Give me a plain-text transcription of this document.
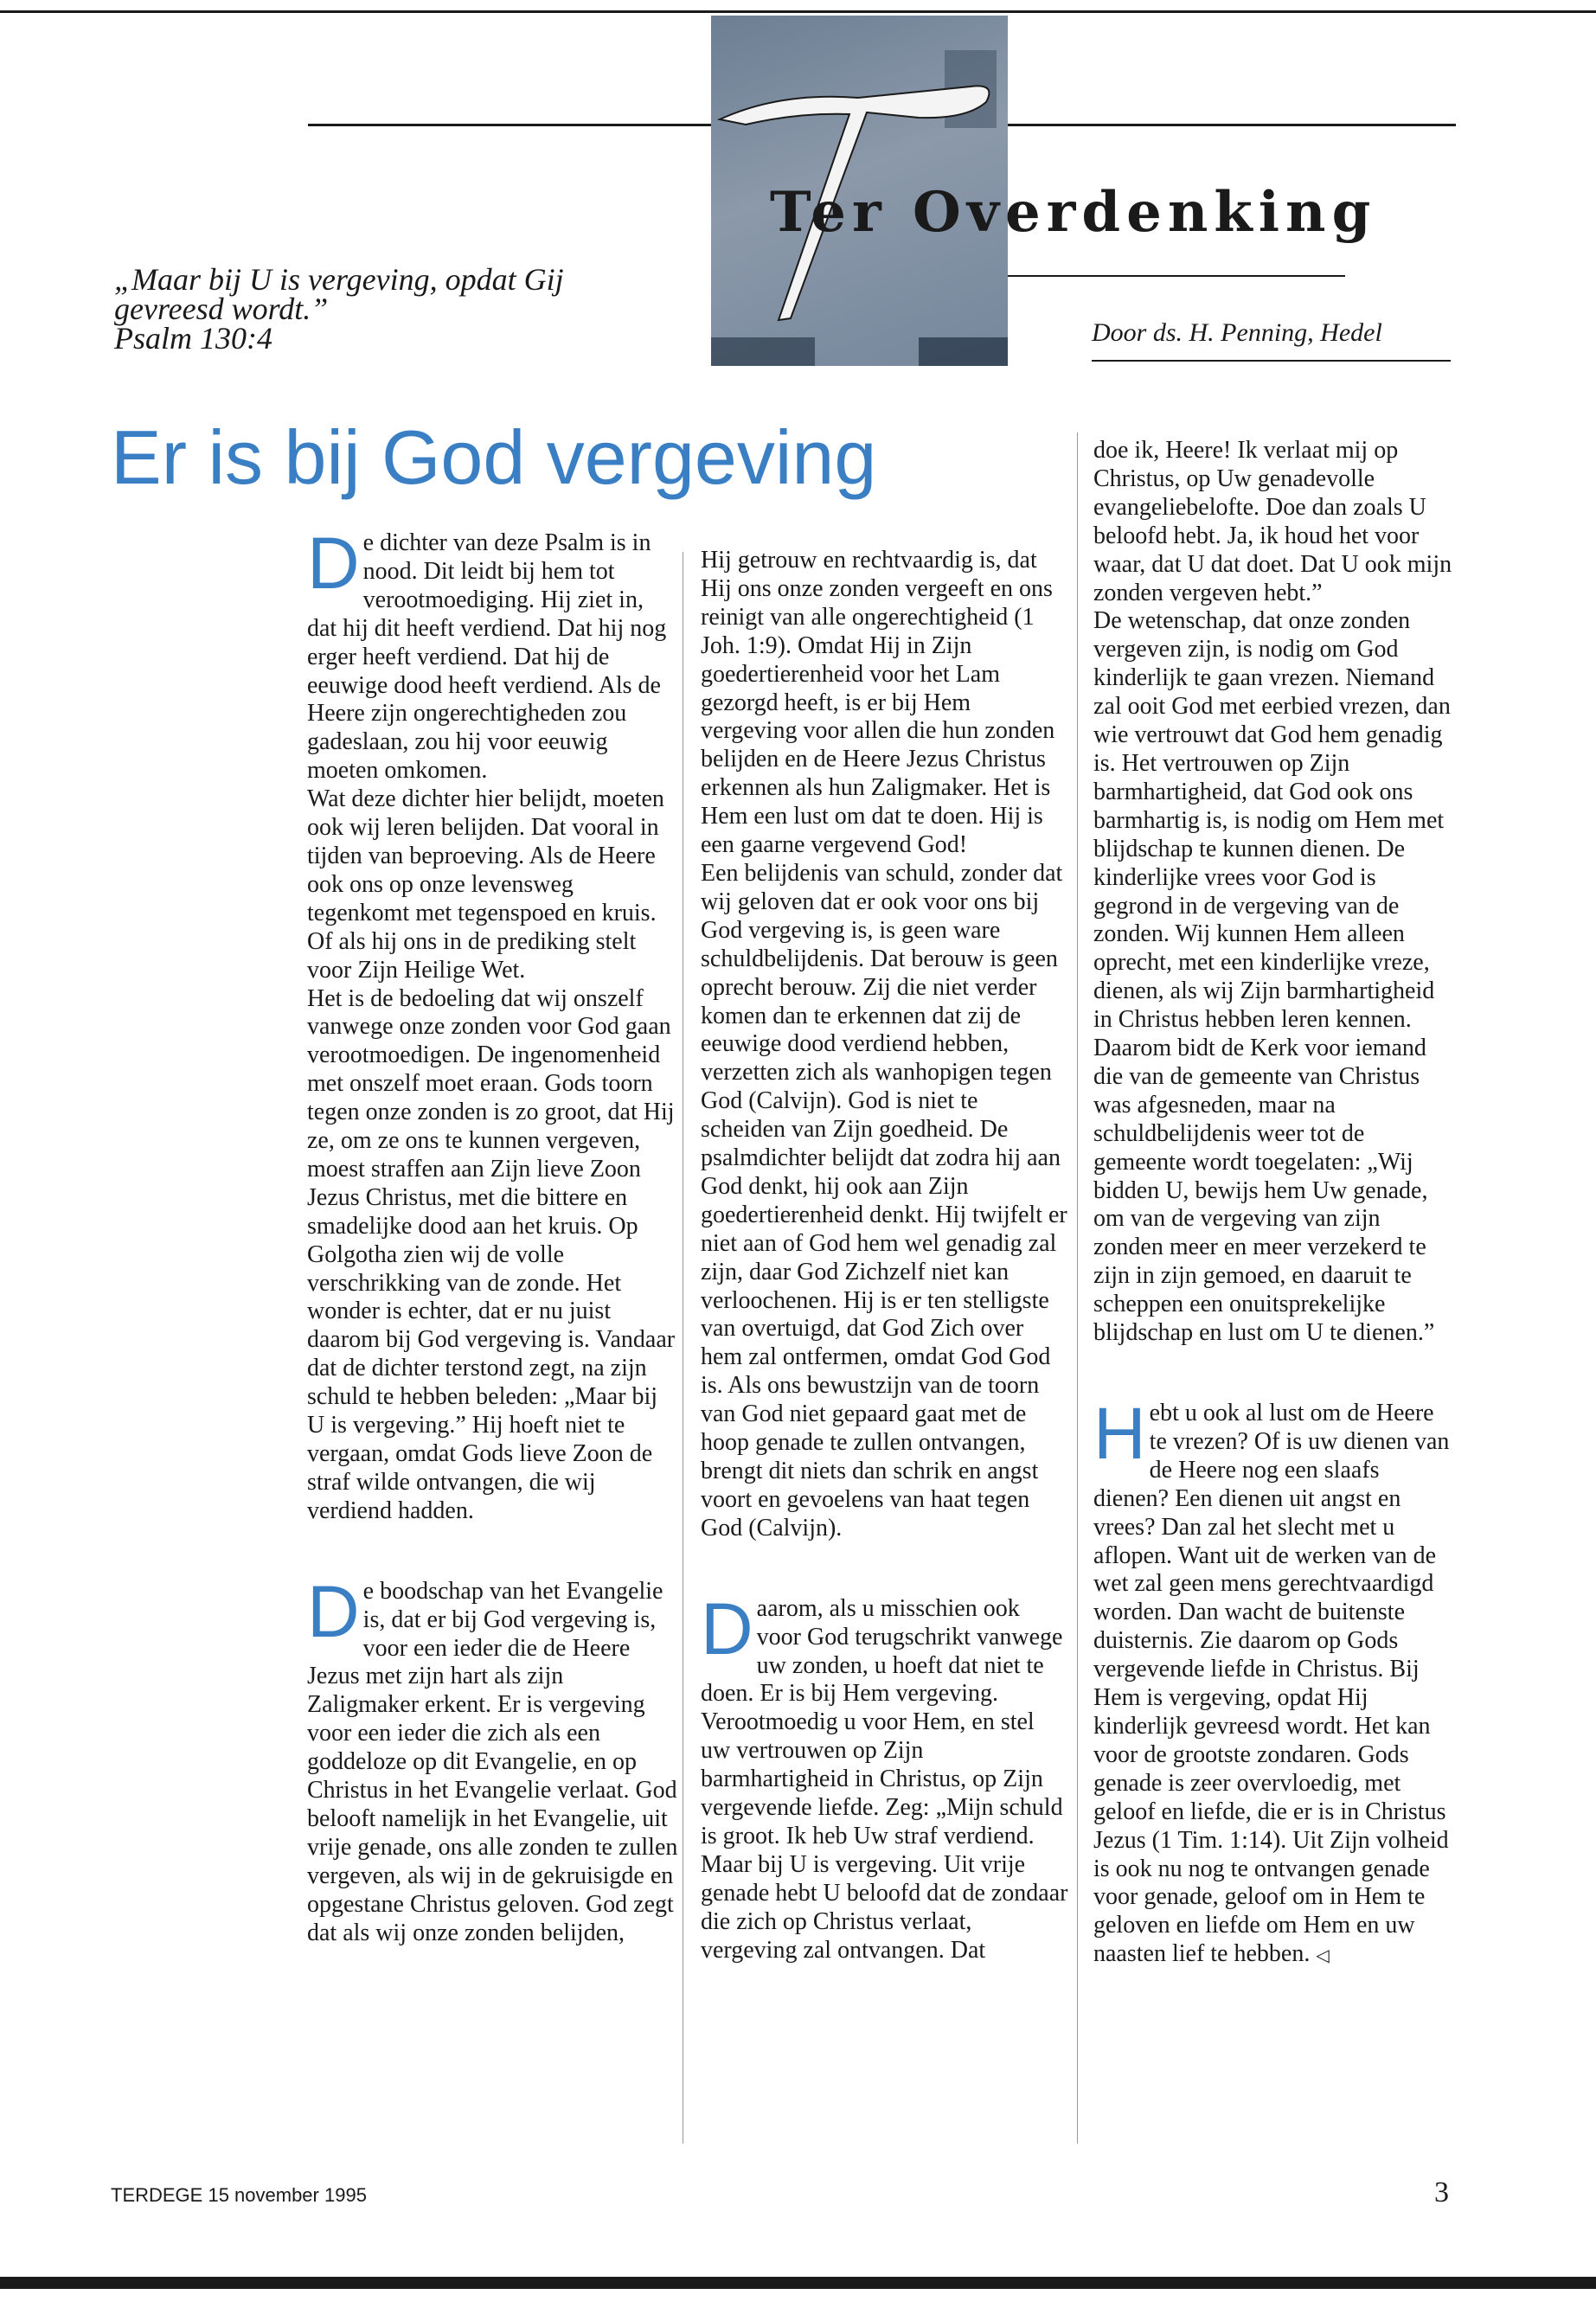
Ter Overdenking
„Maar bij U is vergeving, opdat Gij
gevreesd wordt.”
Psalm 130:4	Door ds. H. Penning, Hedel
Er is bij God vergeving

De dichter van deze Psalm is in nood. Dit leidt bij hem tot verootmoediging. Hij ziet in, dat hij dit heeft verdiend. Dat hij nog erger heeft verdiend. Dat hij de eeuwige dood heeft verdiend. Als de Heere zijn ongerechtigheden zou gadeslaan, zou hij voor eeuwig moeten omkomen.

Wat deze dichter hier belijdt, moeten ook wij leren belijden. Dat vooral in tijden van beproeving. Als de Heere ook ons op onze levensweg tegenkomt met tegenspoed en kruis. Of als hij ons in de prediking stelt voor Zijn Heilige Wet.

Het is de bedoeling dat wij onszelf vanwege onze zonden voor God gaan verootmoedigen. De ingenomenheid met onszelf moet eraan. Gods toorn tegen onze zonden is zo groot, dat Hij ze, om ze ons te kunnen vergeven, moest straffen aan Zijn lieve Zoon Jezus Christus, met die bittere en smadelijke dood aan het kruis. Op Golgotha zien wij de volle verschrikking van de zonde. Het wonder is echter, dat er nu juist daarom bij God vergeving is. Vandaar dat de dichter terstond zegt, na zijn schuld te hebben beleden: „Maar bij U is vergeving.” Hij hoeft niet te vergaan, omdat Gods lieve Zoon de straf wilde ontvangen, die wij verdiend hadden.

De boodschap van het Evangelie is, dat er bij God vergeving is, voor een ieder die de Heere Jezus met zijn hart als zijn Zaligmaker erkent. Er is vergeving voor een ieder die zich als een goddeloze op dit Evangelie, en op Christus in het Evangelie verlaat. God belooft namelijk in het Evangelie, uit vrije genade, ons alle zonden te zullen vergeven, als wij in de gekruisigde en opgestane Christus geloven. God zegt dat als wij onze zonden belijden,

Hij getrouw en rechtvaardig is, dat Hij ons onze zonden vergeeft en ons reinigt van alle ongerechtigheid (1 Joh. 1:9). Omdat Hij in Zijn goedertierenheid voor het Lam gezorgd heeft, is er bij Hem vergeving voor allen die hun zonden belijden en de Heere Jezus Christus erkennen als hun Zaligmaker. Het is Hem een lust om dat te doen. Hij is een gaarne vergevend God!

Een belijdenis van schuld, zonder dat wij geloven dat er ook voor ons bij God vergeving is, is geen ware schuldbelijdenis. Dat berouw is geen oprecht berouw. Zij die niet verder komen dan te erkennen dat zij de eeuwige dood verdiend hebben, verzetten zich als wanhopigen tegen God (Calvijn). God is niet te scheiden van Zijn goedheid. De psalmdichter belijdt dat zodra hij aan God denkt, hij ook aan Zijn goedertierenheid denkt. Hij twijfelt er niet aan of God hem wel genadig zal zijn, daar God Zichzelf niet kan verloochenen. Hij is er ten stelligste van overtuigd, dat God Zich over hem zal ontfermen, omdat God God is. Als ons bewustzijn van de toorn van God niet gepaard gaat met de hoop genade te zullen ontvangen, brengt dit niets dan schrik en angst voort en gevoelens van haat tegen God (Calvijn).

Daarom, als u misschien ook voor God terugschrikt vanwege uw zonden, u hoeft dat niet te doen. Er is bij Hem vergeving. Verootmoedig u voor Hem, en stel uw vertrouwen op Zijn barmhartigheid in Christus, op Zijn vergevende liefde. Zeg: „Mijn schuld is groot. Ik heb Uw straf verdiend. Maar bij U is vergeving. Uit vrije genade hebt U beloofd dat de zondaar die zich op Christus verlaat, vergeving zal ontvangen. Dat

doe ik, Heere! Ik verlaat mij op Christus, op Uw genadevolle evangeliebelofte. Doe dan zoals U beloofd hebt. Ja, ik houd het voor waar, dat U dat doet. Dat U ook mijn zonden vergeven hebt.”

De wetenschap, dat onze zonden vergeven zijn, is nodig om God kinderlijk te gaan vrezen. Niemand zal ooit God met eerbied vrezen, dan wie vertrouwt dat God hem genadig is. Het vertrouwen op Zijn barmhartigheid, dat God ook ons barmhartig is, is nodig om Hem met blijdschap te kunnen dienen. De kinderlijke vrees voor God is gegrond in de vergeving van de zonden. Wij kunnen Hem alleen oprecht, met een kinderlijke vreze, dienen, als wij Zijn barmhartigheid in Christus hebben leren kennen.

Daarom bidt de Kerk voor iemand die van de gemeente van Christus was afgesneden, maar na schuldbelijdenis weer tot de gemeente wordt toegelaten: „Wij bidden U, bewijs hem Uw genade, om van de vergeving van zijn zonden meer en meer verzekerd te zijn in zijn gemoed, en daaruit te scheppen een onuitsprekelijke blijdschap en lust om U te dienen.”

Hebt u ook al lust om de Heere te vrezen? Of is uw dienen van de Heere nog een slaafs dienen? Een dienen uit angst en vrees? Dan zal het slecht met u aflopen. Want uit de werken van de wet zal geen mens gerechtvaardigd worden. Dan wacht de buitenste duisternis. Zie daarom op Gods vergevende liefde in Christus. Bij Hem is vergeving, opdat Hij kinderlijk gevreesd wordt. Het kan voor de grootste zondaren. Gods genade is zeer overvloedig, met geloof en liefde, die er is in Christus Jezus (1 Tim. 1:14). Uit Zijn volheid is ook nu nog te ontvangen genade voor genade, geloof om in Hem te geloven en liefde om Hem en uw naasten lief te hebben. ◁

TERDEGE 15 november 1995	3
